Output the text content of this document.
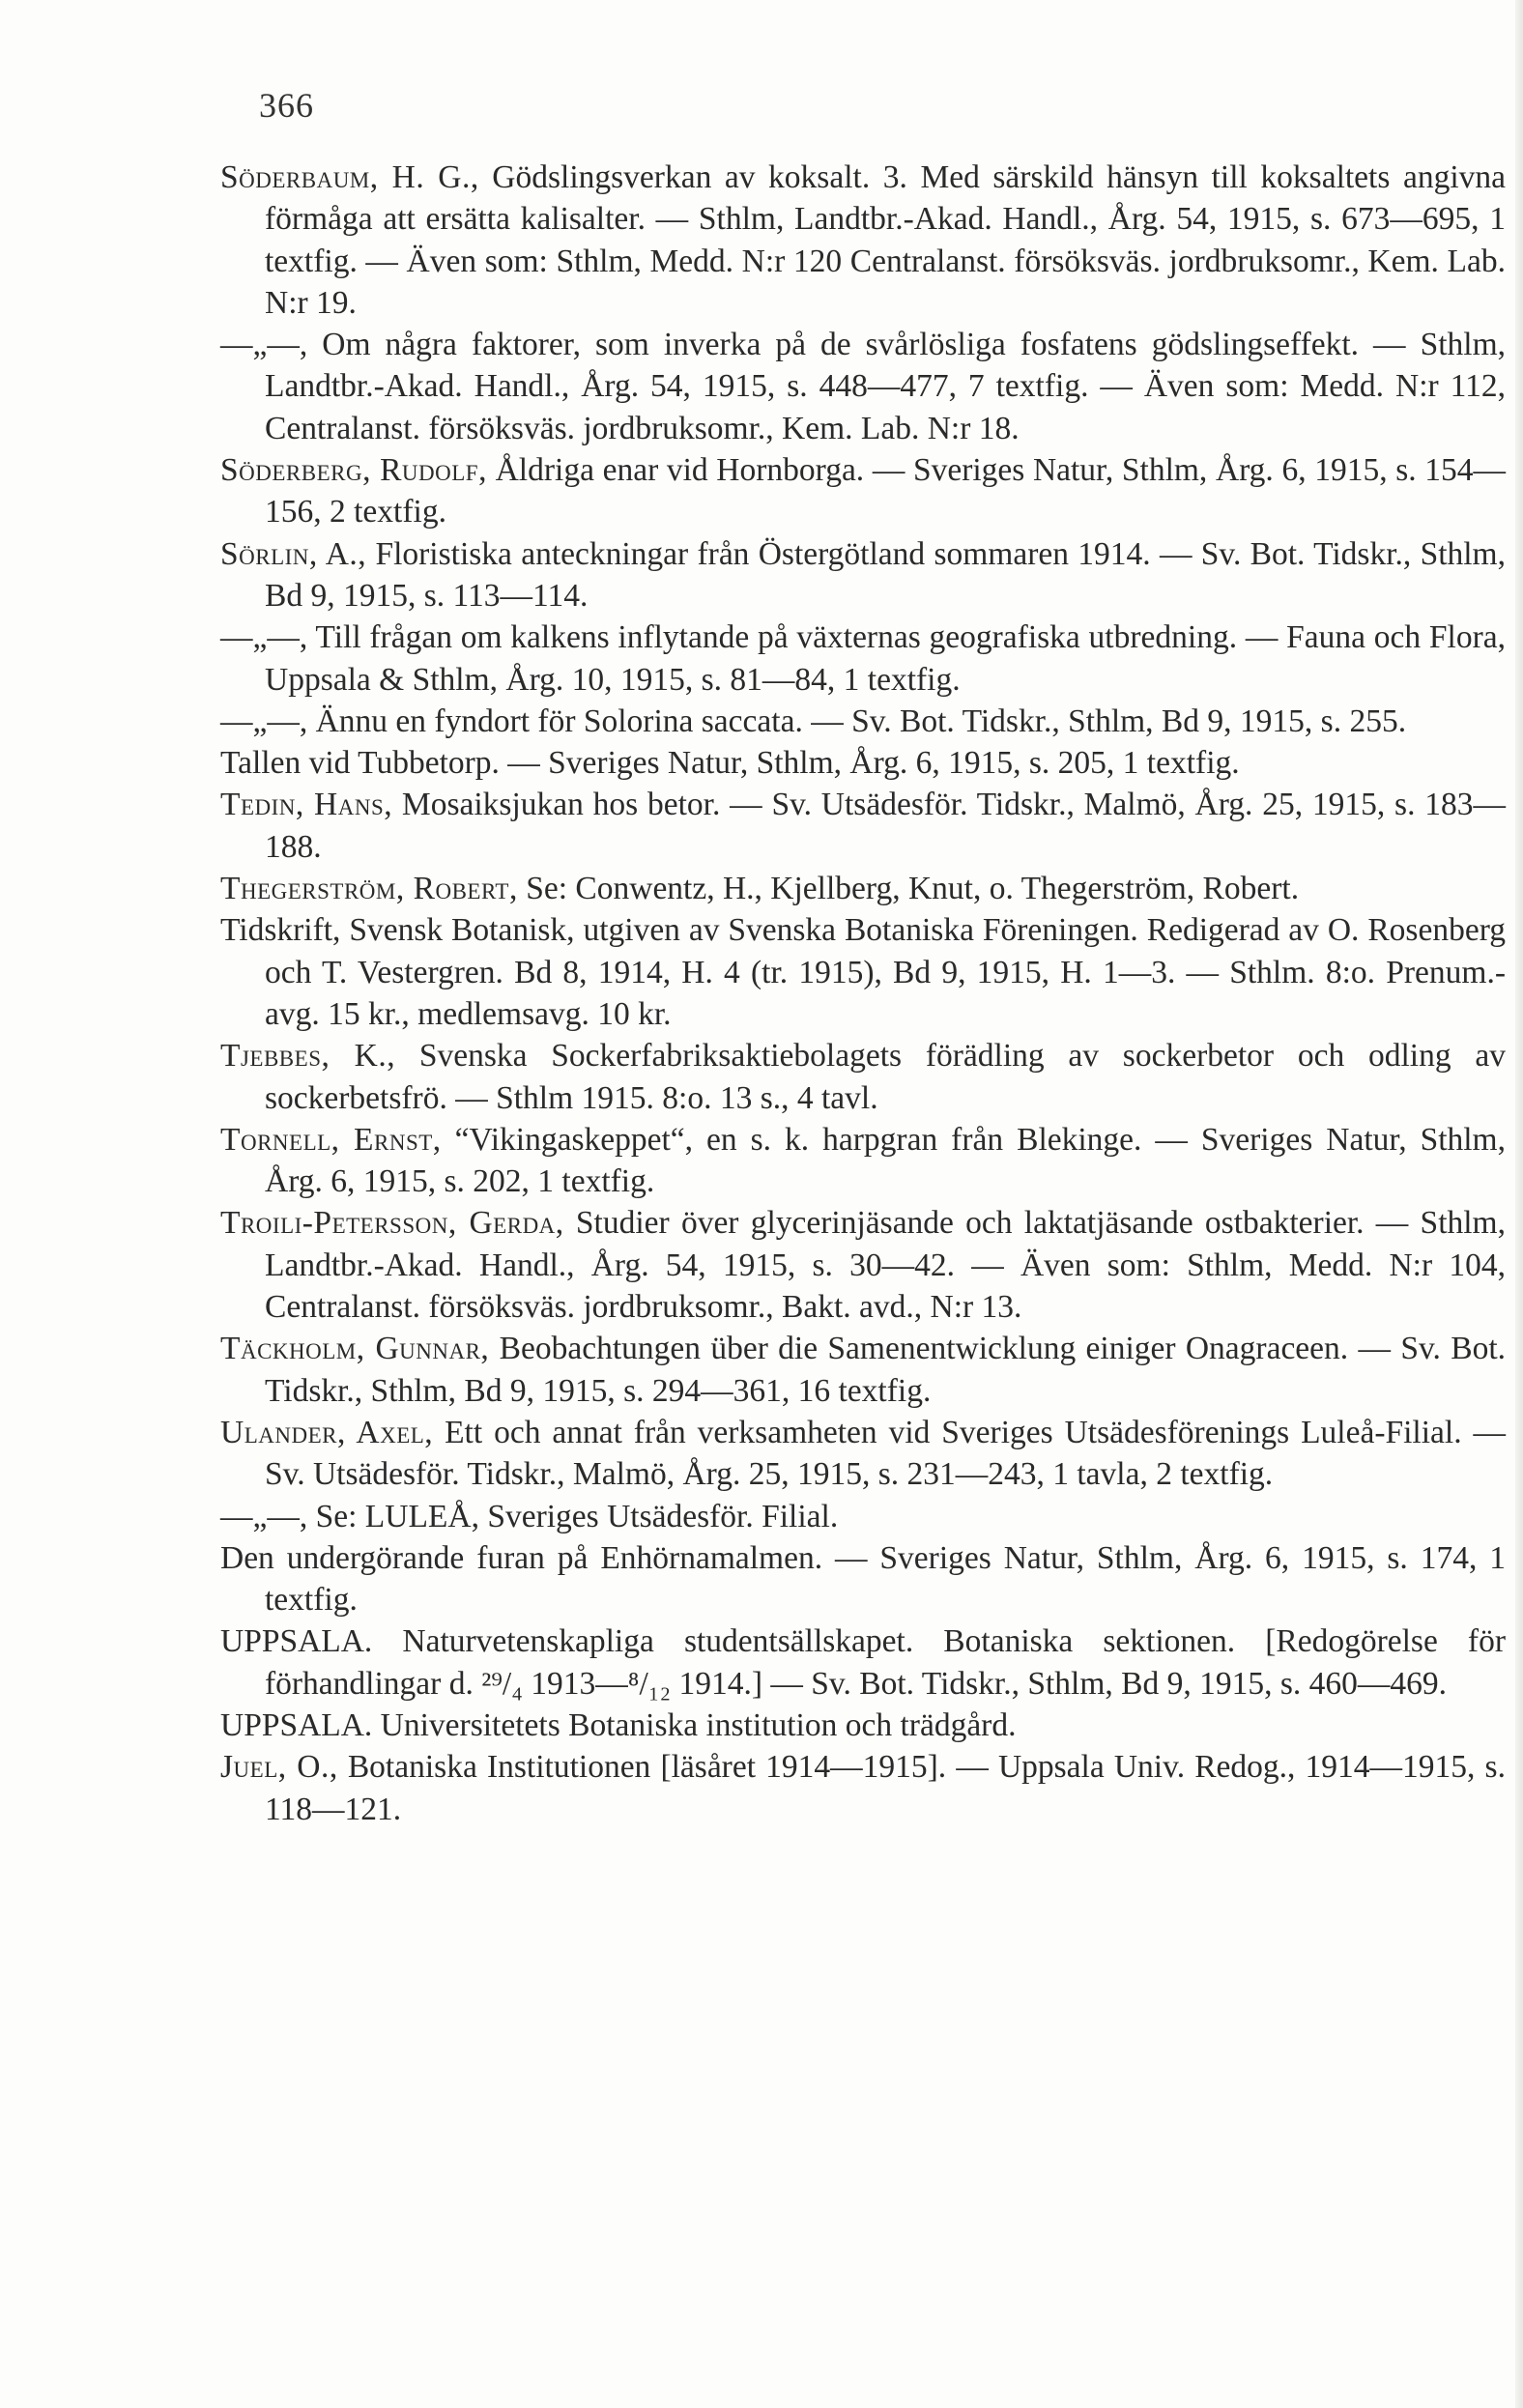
366

Söderbaum, H. G., Gödslingsverkan av koksalt. 3. Med särskild hänsyn till koksaltets angivna förmåga att ersätta kalisalter. — Sthlm, Landtbr.-Akad. Handl., Årg. 54, 1915, s. 673—695, 1 textfig. — Även som: Sthlm, Medd. N:r 120 Centralanst. försöksväs. jordbruksomr., Kem. Lab. N:r 19.

—„—, Om några faktorer, som inverka på de svårlösliga fosfatens gödslingseffekt. — Sthlm, Landtbr.-Akad. Handl., Årg. 54, 1915, s. 448—477, 7 textfig. — Även som: Medd. N:r 112, Centralanst. försöksväs. jordbruksomr., Kem. Lab. N:r 18.

Söderberg, Rudolf, Åldriga enar vid Hornborga. — Sveriges Natur, Sthlm, Årg. 6, 1915, s. 154—156, 2 textfig.

Sörlin, A., Floristiska anteckningar från Östergötland sommaren 1914. — Sv. Bot. Tidskr., Sthlm, Bd 9, 1915, s. 113—114.

—„—, Till frågan om kalkens inflytande på växternas geografiska utbredning. — Fauna och Flora, Uppsala & Sthlm, Årg. 10, 1915, s. 81—84, 1 textfig.

—„—, Ännu en fyndort för Solorina saccata. — Sv. Bot. Tidskr., Sthlm, Bd 9, 1915, s. 255.

Tallen vid Tubbetorp. — Sveriges Natur, Sthlm, Årg. 6, 1915, s. 205, 1 textfig.

Tedin, Hans, Mosaiksjukan hos betor. — Sv. Utsädesför. Tidskr., Malmö, Årg. 25, 1915, s. 183—188.

Thegerström, Robert, Se: Conwentz, H., Kjellberg, Knut, o. Thegerström, Robert.

Tidskrift, Svensk Botanisk, utgiven av Svenska Botaniska Föreningen. Redigerad av O. Rosenberg och T. Vestergren. Bd 8, 1914, H. 4 (tr. 1915), Bd 9, 1915, H. 1—3. — Sthlm. 8:o. Prenum.-avg. 15 kr., medlemsavg. 10 kr.

Tjebbes, K., Svenska Sockerfabriksaktiebolagets förädling av sockerbetor och odling av sockerbetsfrö. — Sthlm 1915. 8:o. 13 s., 4 tavl.

Tornell, Ernst, “Vikingaskeppet“, en s. k. harpgran från Blekinge. — Sveriges Natur, Sthlm, Årg. 6, 1915, s. 202, 1 textfig.

Troili-Petersson, Gerda, Studier över glycerinjäsande och laktatjäsande ostbakterier. — Sthlm, Landtbr.-Akad. Handl., Årg. 54, 1915, s. 30—42. — Även som: Sthlm, Medd. N:r 104, Centralanst. försöksväs. jordbruksomr., Bakt. avd., N:r 13.

Täckholm, Gunnar, Beobachtungen über die Samenentwicklung einiger Onagraceen. — Sv. Bot. Tidskr., Sthlm, Bd 9, 1915, s. 294—361, 16 textfig.

Ulander, Axel, Ett och annat från verksamheten vid Sveriges Utsädesförenings Luleå-Filial. — Sv. Utsädesför. Tidskr., Malmö, Årg. 25, 1915, s. 231—243, 1 tavla, 2 textfig.

—„—, Se: LULEÅ, Sveriges Utsädesför. Filial.

Den undergörande furan på Enhörnamalmen. — Sveriges Natur, Sthlm, Årg. 6, 1915, s. 174, 1 textfig.

UPPSALA. Naturvetenskapliga studentsällskapet. Botaniska sektionen. [Redogörelse för förhandlingar d. ²⁹/₄ 1913—⁸/₁₂ 1914.] — Sv. Bot. Tidskr., Sthlm, Bd 9, 1915, s. 460—469.

UPPSALA. Universitetets Botaniska institution och trädgård.

Juel, O., Botaniska Institutionen [läsåret 1914—1915]. — Uppsala Univ. Redog., 1914—1915, s. 118—121.
